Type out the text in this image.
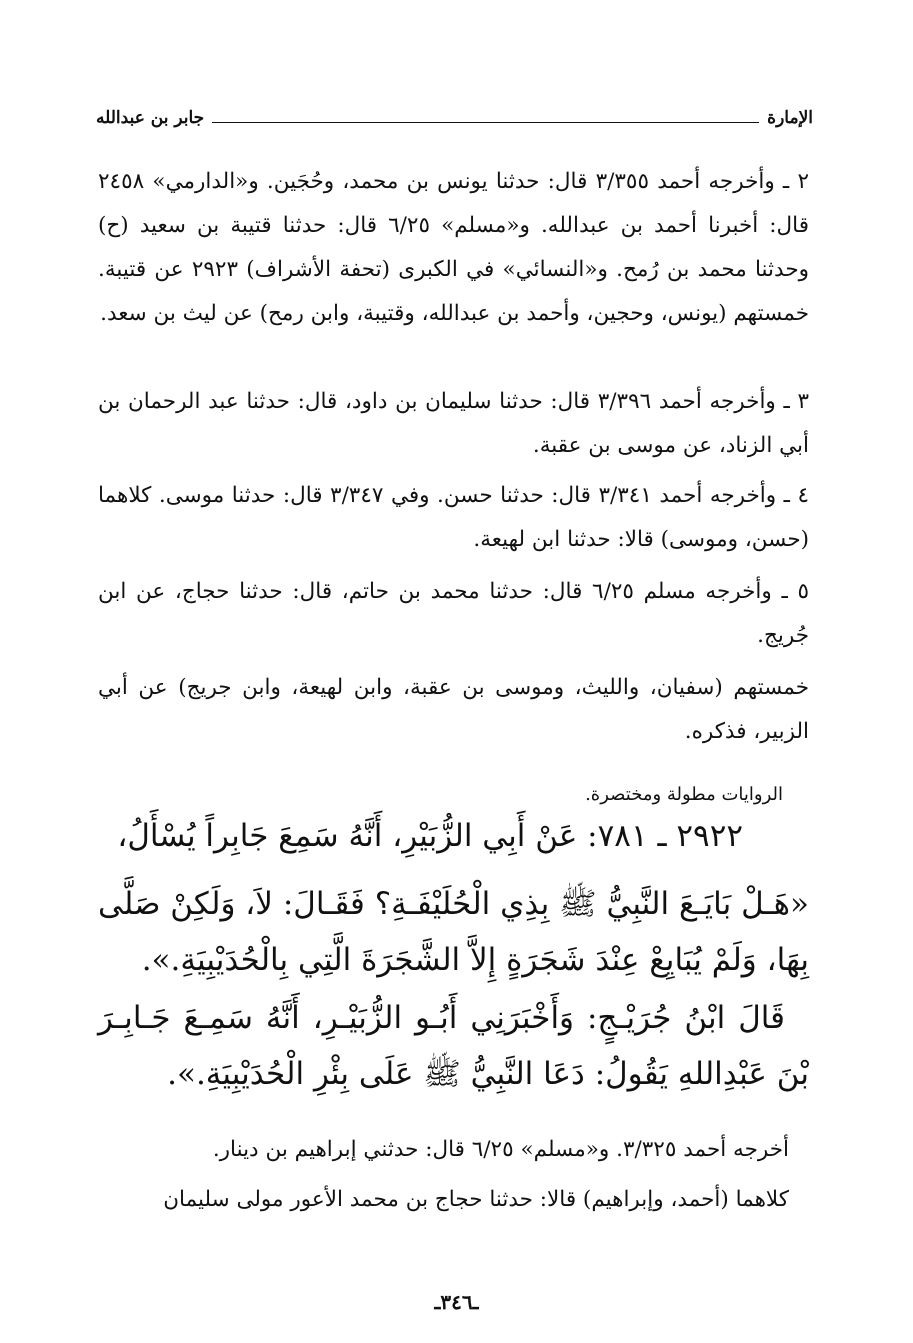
الإمارة
جابر بن عبدالله

٢ ـ وأخرجه أحمد ٣/٣٥٥ قال: حدثنا يونس بن محمد، وحُجَين. و«الدارمي» ٢٤٥٨ قال: أخبرنا أحمد بن عبدالله. و«مسلم» ٦/٢٥ قال: حدثنا قتيبة بن سعيد (ح) وحدثنا محمد بن رُمح. و«النسائي» في الكبرى (تحفة الأشراف) ٢٩٢٣ عن قتيبة. خمستهم (يونس، وحجين، وأحمد بن عبدالله، وقتيبة، وابن رمح) عن ليث بن سعد.

٣ ـ وأخرجه أحمد ٣/٣٩٦ قال: حدثنا سليمان بن داود، قال: حدثنا عبد الرحمان بن أبي الزناد، عن موسى بن عقبة.

٤ ـ وأخرجه أحمد ٣/٣٤١ قال: حدثنا حسن. وفي ٣/٣٤٧ قال: حدثنا موسى. كلاهما (حسن، وموسى) قالا: حدثنا ابن لهيعة.

٥ ـ وأخرجه مسلم ٦/٢٥ قال: حدثنا محمد بن حاتم، قال: حدثنا حجاج، عن ابن جُريج.

خمستهم (سفيان، والليث، وموسى بن عقبة، وابن لهيعة، وابن جريج) عن أبي الزبير، فذكره.

الروايات مطولة ومختصرة.

٢٩٢٢ ـ ٧٨١: عَنْ أَبِي الزُّبَيْرِ، أَنَّهُ سَمِعَ جَابِراً يُسْأَلُ،

«هَـلْ بَايَـعَ النَّبِيُّ ﷺ بِذِي الْحُلَيْفَـةِ؟ فَقَـالَ: لاَ، وَلَكِنْ صَلَّى بِهَا، وَلَمْ يُبَايِعْ عِنْدَ شَجَرَةٍ إِلاَّ الشَّجَرَةَ الَّتِي بِالْحُدَيْبِيَةِ.».

قَالَ ابْنُ جُرَيْـجٍ: وَأَخْبَرَنِي أَبُـو الزُّبَيْـرِ، أَنَّهُ سَمِـعَ جَـابِـرَ بْنَ عَبْدِاللهِ يَقُولُ: دَعَا النَّبِيُّ ﷺ عَلَى بِئْرِ الْحُدَيْبِيَةِ.».

أخرجه أحمد ٣/٣٢٥. و«مسلم» ٦/٢٥ قال: حدثني إبراهيم بن دينار.

كلاهما (أحمد، وإبراهيم) قالا: حدثنا حجاج بن محمد الأعور مولى سليمان

ـ٣٤٦ـ
